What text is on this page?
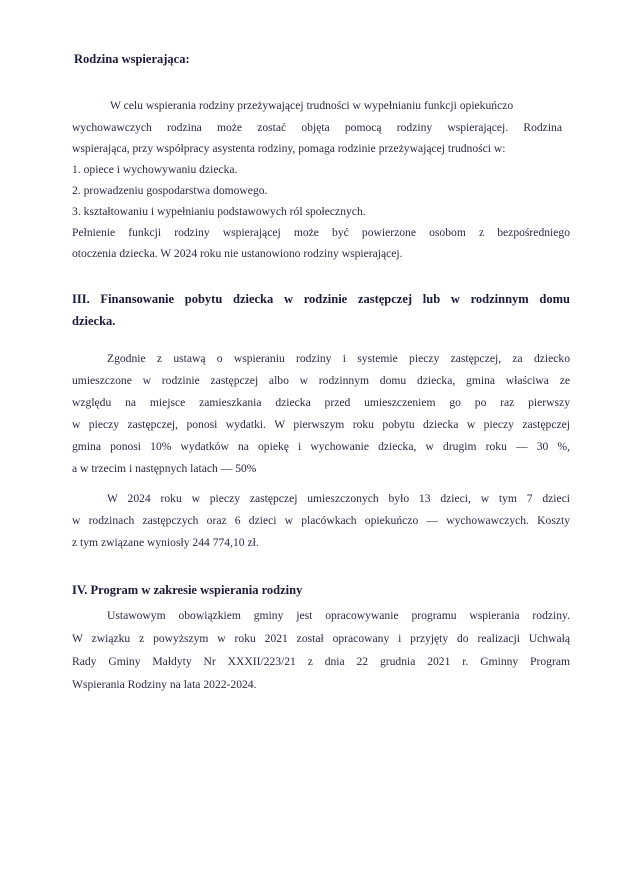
Rodzina wspierająca:

W celu wspierania rodziny przeżywającej trudności w wypełnianiu funkcji opiekuńczo

wychowawczych rodzina może zostać objęta pomocą rodziny wspierającej. Rodzina

wspierająca, przy współpracy asystenta rodziny, pomaga rodzinie przeżywającej trudności w:

1. opiece i wychowywaniu dziecka.

2. prowadzeniu gospodarstwa domowego.

3. kształtowaniu i wypełnianiu podstawowych ról społecznych.

Pełnienie funkcji rodziny wspierającej może być powierzone osobom z bezpośredniego

otoczenia dziecka. W 2024 roku nie ustanowiono rodziny wspierającej.

III. Finansowanie pobytu dziecka w rodzinie zastępczej lub w rodzinnym domu
dziecka.

Zgodnie z ustawą o wspieraniu rodziny i systemie pieczy zastępczej, za dziecko

umieszczone w rodzinie zastępczej albo w rodzinnym domu dziecka, gmina właściwa ze

względu na miejsce zamieszkania dziecka przed umieszczeniem go po raz pierwszy

w pieczy zastępczej, ponosi wydatki. W pierwszym roku pobytu dziecka w pieczy zastępczej

gmina ponosi 10% wydatków na opiekę i wychowanie dziecka, w drugim roku — 30 %,

a w trzecim i następnych latach — 50%

W 2024 roku w pieczy zastępczej umieszczonych było 13 dzieci, w tym 7 dzieci

w rodzinach zastępczych oraz 6 dzieci w placówkach opiekuńczo — wychowawczych. Koszty

z tym związane wyniosły 244 774,10 zł.

IV. Program w zakresie wspierania rodziny

Ustawowym obowiązkiem gminy jest opracowywanie programu wspierania rodziny.

W związku z powyższym w roku 2021 został opracowany i przyjęty do realizacji Uchwałą

Rady Gminy Małdyty Nr XXXII/223/21 z dnia 22 grudnia 2021 r. Gminny Program

Wspierania Rodziny na lata 2022-2024.
